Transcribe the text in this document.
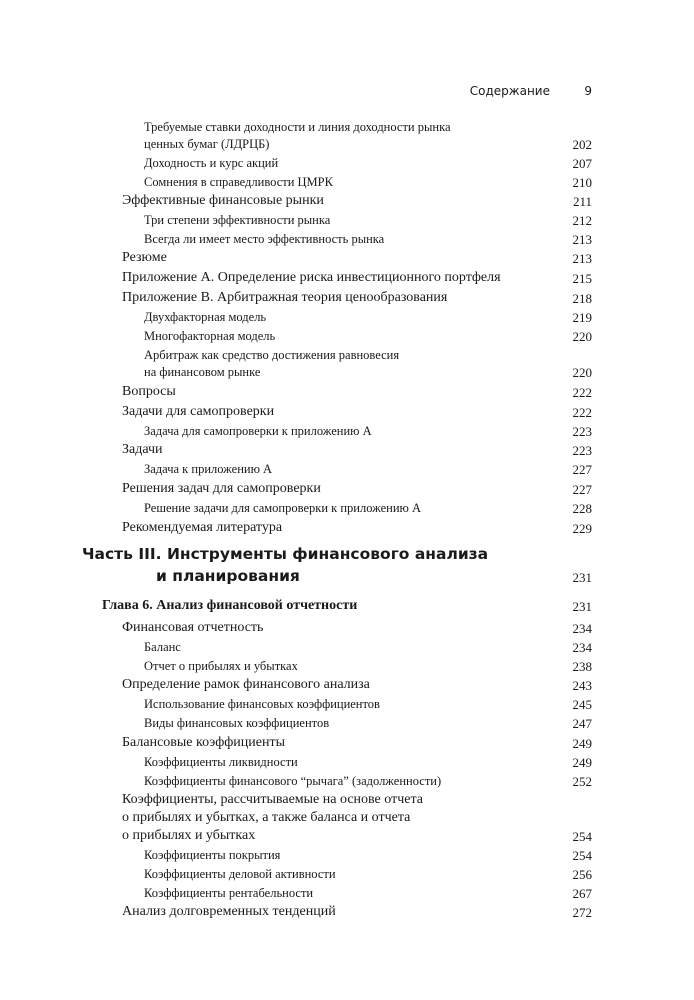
Содержание	9
Требуемые ставки доходности и линия доходности рынка
ценных бумаг (ЛДРЦБ)	202
Доходность и курс акций	207
Сомнения в справедливости ЦМРК	210
Эффективные финансовые рынки	211
Три степени эффективности рынка	212
Всегда ли имеет место эффективность рынка	213
Резюме	213
Приложение А. Определение риска инвестиционного портфеля	215
Приложение В. Арбитражная теория ценообразования	218
Двухфакторная модель	219
Многофакторная модель	220
Арбитраж как средство достижения равновесия
на финансовом рынке	220
Вопросы	222
Задачи для самопроверки	222
Задача для самопроверки к приложению А	223
Задачи	223
Задача к приложению А	227
Решения задач для самопроверки	227
Решение задачи для самопроверки к приложению А	228
Рекомендуемая литература	229
Часть III. Инструменты финансового анализа
и планирования	231
Глава 6. Анализ финансовой отчетности	231
Финансовая отчетность	234
Баланс	234
Отчет о прибылях и убытках	238
Определение рамок финансового анализа	243
Использование финансовых коэффициентов	245
Виды финансовых коэффициентов	247
Балансовые коэффициенты	249
Коэффициенты ликвидности	249
Коэффициенты финансового “рычага” (задолженности)	252
Коэффициенты, рассчитываемые на основе отчета
о прибылях и убытках, а также баланса и отчета
о прибылях и убытках	254
Коэффициенты покрытия	254
Коэффициенты деловой активности	256
Коэффициенты рентабельности	267
Анализ долговременных тенденций	272
